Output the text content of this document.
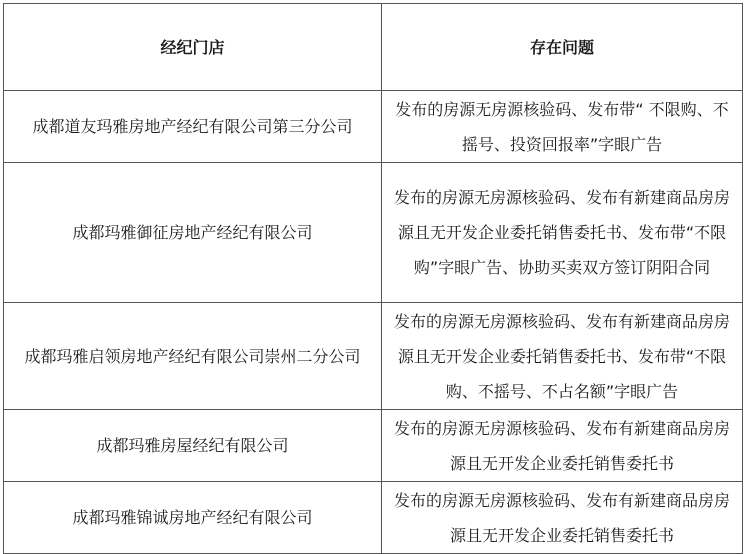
经纪门店	存在问题
成都道友玛雅房地产经纪有限公司第三分公司	发布的房源无房源核验码、发布带“ 不限购、不摇号、投资回报率”字眼广告
成都玛雅御征房地产经纪有限公司	发布的房源无房源核验码、发布有新建商品房房源且无开发企业委托销售委托书、发布带“不限购”字眼广告、协助买卖双方签订阴阳合同
成都玛雅启领房地产经纪有限公司崇州二分公司	发布的房源无房源核验码、发布有新建商品房房源且无开发企业委托销售委托书、发布带“不限购、不摇号、不占名额”字眼广告
成都玛雅房屋经纪有限公司	发布的房源无房源核验码、发布有新建商品房房源且无开发企业委托销售委托书
成都玛雅锦诚房地产经纪有限公司	发布的房源无房源核验码、发布有新建商品房房源且无开发企业委托销售委托书
